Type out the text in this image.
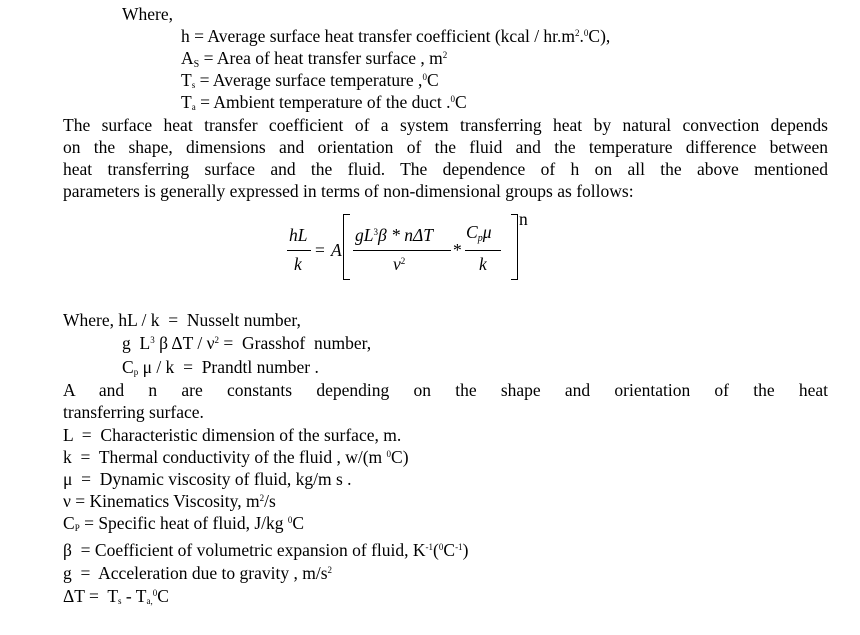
Where,
h = Average surface heat transfer coefficient (kcal / $hr.m^2.^0C$),
$A_S$ = Area of heat transfer surface , $m^2$
$T_s$ = Average surface temperature ,$^0$C
$T_a$ = Ambient temperature of the duct .$^0$C
The surface heat transfer coefficient of a system transferring heat by natural convection depends
on the shape, dimensions and orientation of the fluid and the temperature difference between
heat transferring surface and the fluid. The dependence of h on all the above mentioned
parameters is generally expressed in terms of non-dimensional groups as follows:
hL
k
= A
$gL^3\beta$ * nΔT
$\nu^2$
*
$C_p\mu$
k
n
Where, hL / k  =  Nusselt number,
g  $L^3$ β ΔT / $\nu^2$ =  Grasshof  number,
$C_p$ μ / k  =  Prandtl number .
A and n are constants depending on the shape and orientation of the heat
transferring surface.
L  =  Characteristic dimension of the surface, m.
k  =  Thermal conductivity of the fluid , w/(m $^0$C)
μ  =  Dynamic viscosity of fluid, kg/m s .
ν = Kinematics Viscosity, $m^2/s$
$C_P$ = Specific heat of fluid, J/kg $^0$C
β  = Coefficient of volumetric expansion of fluid, $K^{-1}(^0C^{-1})$
g  =  Acceleration due to gravity , $m/s^2$
$\Delta T = T_s - T_{a,}^0C$
